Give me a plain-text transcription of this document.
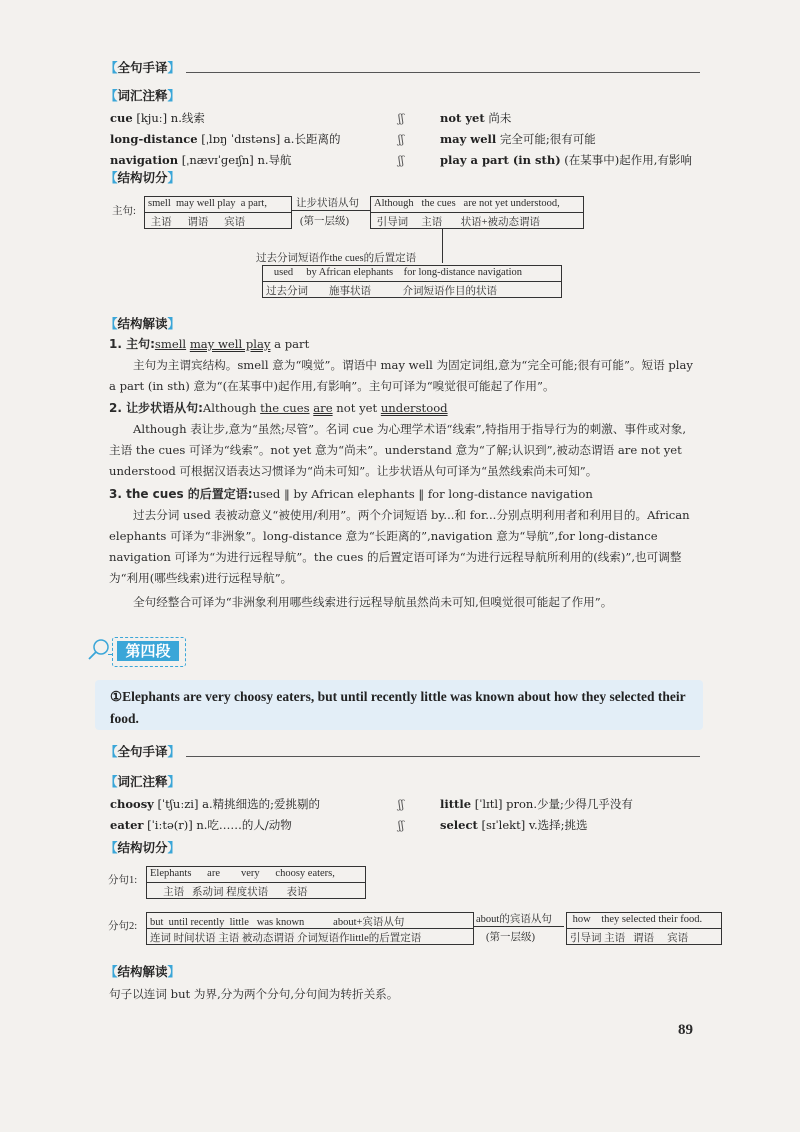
【全句手译】
【词汇注释】
cue [kjuː] n.线索
long-distance [ˌlɒŋ ˈdɪstəns] a.长距离的
navigation [ˌnævɪˈɡeɪʃn] n.导航
ʃʃ
ʃʃ
ʃʃ
not yet 尚未
may well 完全可能;很有可能
play a part (in sth) (在某事中)起作用,有影响
【结构切分】
主句:
smell may well play a part,
主语 谓语 宾语
让步状语从句
(第一层级)
Although the cues are not yet understood,
引导词 主语 状语+被动态谓语
过去分词短语作the cues的后置定语
used by African elephants for long-distance navigation
过去分词 施事状语	介词短语作目的状语
【结构解读】
1. 主句:smell may well play a part
主句为主谓宾结构。smell 意为“嗅觉”。谓语中 may well 为固定词组,意为“完全可能;很有可能”。短语 play a part (in sth) 意为“(在某事中)起作用,有影响”。主句可译为“嗅觉很可能起了作用”。
2. 让步状语从句:Although the cues are not yet understood
Although 表让步,意为“虽然;尽管”。名词 cue 为心理学术语“线索”,特指用于指导行为的刺激、事件或对象,主语 the cues 可译为“线索”。not yet 意为“尚未”。understand 意为“了解;认识到”,被动态谓语 are not yet understood 可根据汉语表达习惯译为“尚未可知”。让步状语从句可译为“虽然线索尚未可知”。
3. the cues 的后置定语:used ‖ by African elephants ‖ for long-distance navigation
过去分词 used 表被动意义“被使用/利用”。两个介词短语 by...和 for...分别点明利用者和利用目的。African elephants 可译为“非洲象”。long-distance 意为“长距离的”,navigation 意为“导航”,for long-distance navigation 可译为“为进行远程导航”。the cues 的后置定语可译为“为进行远程导航所利用的(线索)”,也可调整为“利用(哪些线索)进行远程导航”。
全句经整合可译为“非洲象利用哪些线索进行远程导航虽然尚未可知,但嗅觉很可能起了作用”。
第四段
①Elephants are very choosy eaters, but until recently little was known about how they selected their food.
【全句手译】
【词汇注释】
choosy [ˈtʃuːzi] a.精挑细选的;爱挑剔的
eater [ˈiːtə(r)] n.吃……的人/动物
ʃʃ
ʃʃ
little [ˈlɪtl] pron.少量;少得几乎没有
select [sɪˈlekt] v.选择;挑选
【结构切分】
分句1:
Elephants are very choosy eaters,
主语 系动词 程度状语 表语
分句2: but until recently little was known	about+宾语从句
连词 时间状语 主语 被动态谓语 介词短语作little的后置定语
about的宾语从句
(第一层级)
how they selected their food.
引导词 主语 谓语 宾语
【结构解读】
句子以连词 but 为界,分为两个分句,分句间为转折关系。
89
